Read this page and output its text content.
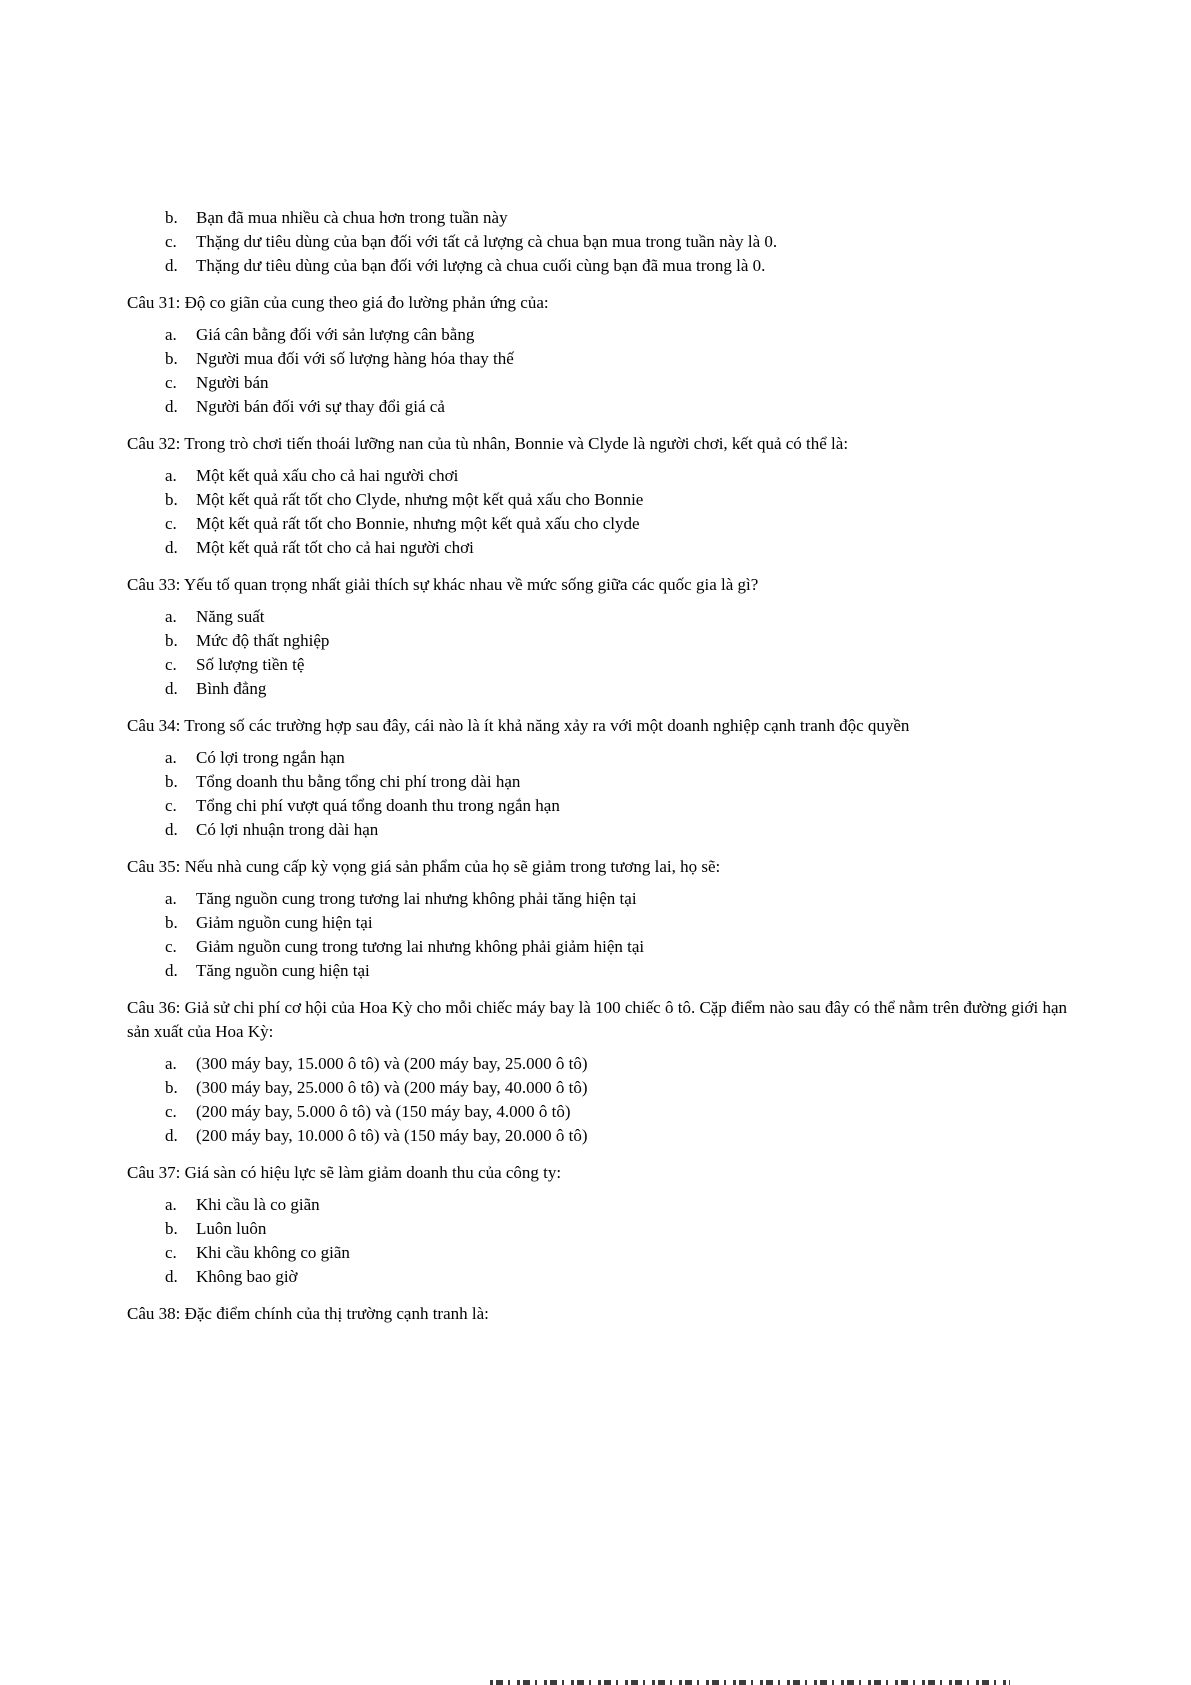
b.	Bạn đã mua nhiều cà chua hơn trong tuần này
c.	Thặng dư tiêu dùng của bạn đối với tất cả lượng cà chua bạn mua trong tuần này là 0.
d.	Thặng dư tiêu dùng của bạn đối với lượng cà chua cuối cùng bạn đã mua trong là 0.

Câu 31: Độ co giãn của cung theo giá đo lường phản ứng của:

a.	Giá cân bằng đối với sản lượng cân bằng
b.	Người mua đối với số lượng hàng hóa thay thế
c.	Người bán
d.	Người bán đối với sự thay đổi giá cả

Câu 32: Trong trò chơi tiến thoái lưỡng nan của tù nhân, Bonnie và Clyde là người chơi, kết quả có thể là:

a.	Một kết quả xấu cho cả hai người chơi
b.	Một kết quả rất tốt cho Clyde, nhưng một kết quả xấu cho Bonnie
c.	Một kết quả rất tốt cho Bonnie, nhưng một kết quả xấu cho clyde
d.	Một kết quả rất tốt cho cả hai người chơi

Câu 33: Yếu tố quan trọng nhất giải thích sự khác nhau về mức sống giữa các quốc gia là gì?

a.	Năng suất
b.	Mức độ thất nghiệp
c.	Số lượng tiền tệ
d.	Bình đẳng

Câu 34: Trong số các trường hợp sau đây, cái nào là ít khả năng xảy ra với một doanh nghiệp cạnh tranh độc quyền

a.	Có lợi trong ngắn hạn
b.	Tổng doanh thu bằng tổng chi phí trong dài hạn
c.	Tổng chi phí vượt quá tổng doanh thu trong ngắn hạn
d.	Có lợi nhuận trong dài hạn

Câu 35: Nếu nhà cung cấp kỳ vọng giá sản phẩm của họ sẽ giảm trong tương lai, họ sẽ:

a.	Tăng nguồn cung trong tương lai nhưng không phải tăng hiện tại
b.	Giảm nguồn cung hiện tại
c.	Giảm nguồn cung trong tương lai nhưng không phải giảm hiện tại
d.	Tăng nguồn cung hiện tại

Câu 36: Giả sử chi phí cơ hội của Hoa Kỳ cho mỗi chiếc máy bay là 100 chiếc ô tô. Cặp điểm nào sau đây có thể nằm trên đường giới hạn sản xuất của Hoa Kỳ:

a.	(300 máy bay, 15.000 ô tô) và (200 máy bay, 25.000 ô tô)
b.	(300 máy bay, 25.000 ô tô) và (200 máy bay, 40.000 ô tô)
c.	(200 máy bay, 5.000 ô tô) và (150 máy bay, 4.000 ô tô)
d.	(200 máy bay, 10.000 ô tô) và (150 máy bay, 20.000 ô tô)

Câu 37: Giá sàn có hiệu lực sẽ làm giảm doanh thu của công ty:

a.	Khi cầu là co giãn
b.	Luôn luôn
c.	Khi cầu không co giãn
d.	Không bao giờ

Câu 38: Đặc điểm chính của thị trường cạnh tranh là:
